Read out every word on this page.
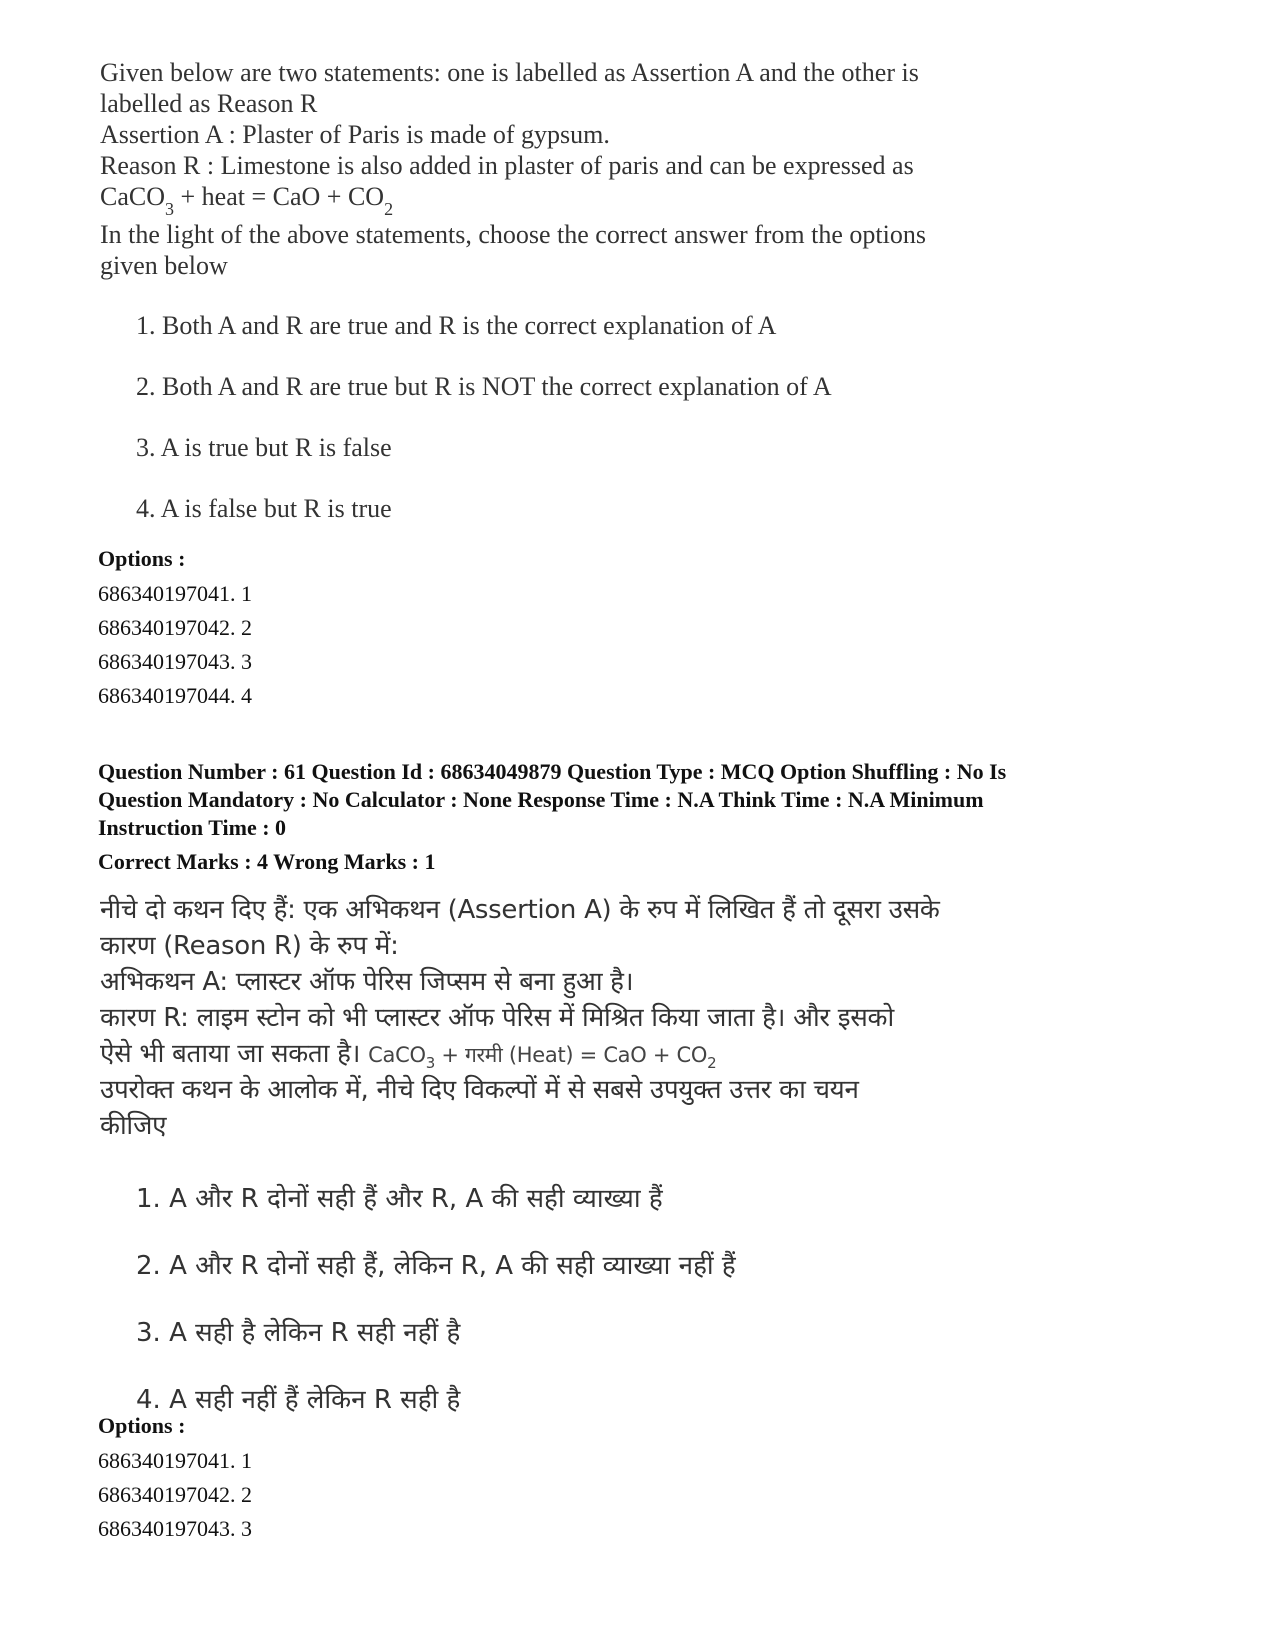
Given below are two statements: one is labelled as Assertion A and the other is
labelled as Reason R
Assertion A : Plaster of Paris is made of gypsum.
Reason R : Limestone is also added in plaster of paris and can be expressed as
CaCO$_3$ + heat = CaO + $CO_2$
In the light of the above statements, choose the correct answer from the options
given below
1. Both A and R are true and R is the correct explanation of A
2. Both A and R are true but R is NOT the correct explanation of A
3. A is true but R is false
4. A is false but R is true
Options :
686340197041. 1
686340197042. 2
686340197043. 3
686340197044. 4
Question Number : 61 Question Id : 68634049879 Question Type : MCQ Option Shuffling : No Is
Question Mandatory : No Calculator : None Response Time : N.A Think Time : N.A Minimum
Instruction Time : 0
Correct Marks : 4 Wrong Marks : 1
नीचे दो कथन दिए हैं: एक अभिकथन (Assertion A) के रुप में लिखित हैं तो दूसरा उसके
कारण (Reason R) के रुप में:
अभिकथन A: प्लास्टर ऑफ पेरिस जिप्सम से बना हुआ है।
कारण R: लाइम स्टोन को भी प्लास्टर ऑफ पेरिस में मिश्रित किया जाता है। और इसको
ऐसे भी बताया जा सकता है। CaCO$_3$ + गरमी (Heat) = CaO + $CO_2$
उपरोक्त कथन के आलोक में, नीचे दिए विकल्पों में से सबसे उपयुक्त उत्तर का चयन
कीजिए
1. A और R दोनों सही हैं और R, A की सही व्याख्या हैं
2. A और R दोनों सही हैं, लेकिन R, A की सही व्याख्या नहीं हैं
3. A सही है लेकिन R सही नहीं है
4. A सही नहीं हैं लेकिन R सही है
Options :
686340197041. 1
686340197042. 2
686340197043. 3
